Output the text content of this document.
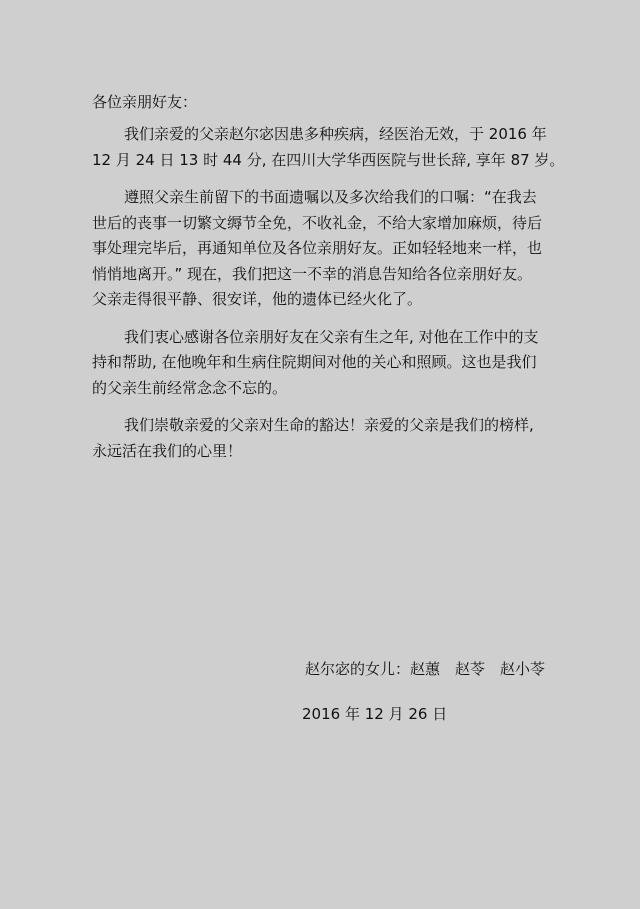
各位亲朋好友：
我们亲爱的父亲赵尔宓因患多种疾病，经医治无效，于 2016 年
12 月 24 日 13 时 44 分, 在四川大学华西医院与世长辞, 享年 87 岁。
遵照父亲生前留下的书面遗嘱以及多次给我们的口嘱：“在我去
世后的丧事一切繁文缛节全免，不收礼金，不给大家增加麻烦，待后
事处理完毕后，再通知单位及各位亲朋好友。正如轻轻地来一样，也
悄悄地离开。” 现在，我们把这一不幸的消息告知给各位亲朋好友。
父亲走得很平静、很安详，他的遗体已经火化了。
我们衷心感谢各位亲朋好友在父亲有生之年, 对他在工作中的支
持和帮助, 在他晚年和生病住院期间对他的关心和照顾。这也是我们
的父亲生前经常念念不忘的。
我们崇敬亲爱的父亲对生命的豁达！亲爱的父亲是我们的榜样,
永远活在我们的心里！
赵尔宓的女儿：赵蕙　赵苓　赵小苓
2016 年 12 月 26 日
